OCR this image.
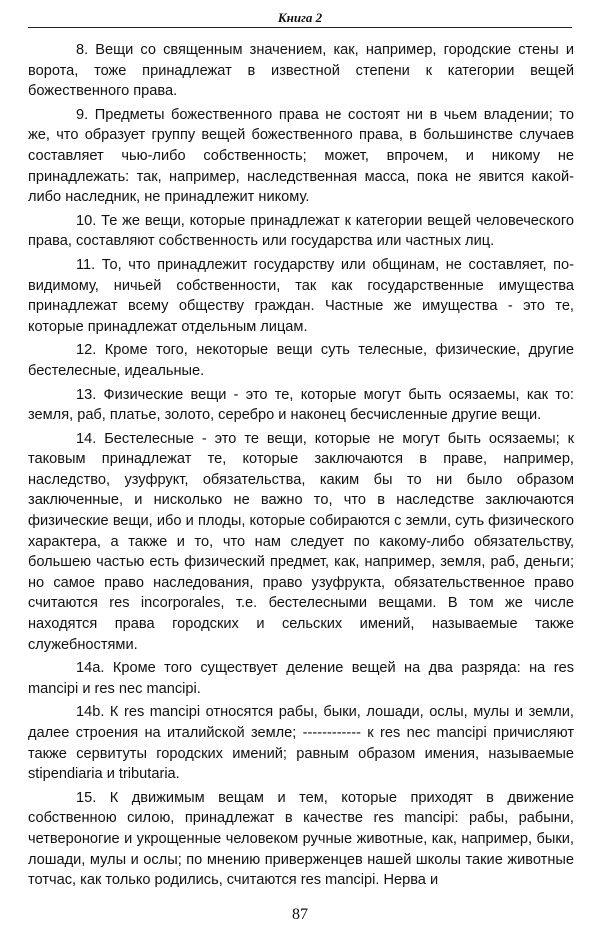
Книга 2

8. Вещи со священным значением, как, например, городские стены и ворота, тоже принадлежат в известной степени к категории вещей божественного права.

9. Предметы божественного права не состоят ни в чьем владении; то же, что образует группу вещей божественного права, в большинстве случаев составляет чью-либо собственность; может, впрочем, и никому не принадлежать: так, например, наследственная масса, пока не явится какой-либо наследник, не принадлежит никому.

10. Те же вещи, которые принадлежат к категории вещей человеческого права, составляют собственность или государства или частных лиц.

11. То, что принадлежит государству или общинам, не составляет, по-видимому, ничьей собственности, так как государственные имущества принадлежат всему обществу граждан. Частные же имущества - это те, которые принадлежат отдельным лицам.

12. Кроме того, некоторые вещи суть телесные, физические, другие бестелесные, идеальные.

13. Физические вещи - это те, которые могут быть осязаемы, как то: земля, раб, платье, золото, серебро и наконец бесчисленные другие вещи.

14. Бестелесные - это те вещи, которые не могут быть осязаемы; к таковым принадлежат те, которые заключаются в праве, например, наследство, узуфрукт, обязательства, каким бы то ни было образом заключенные, и нисколько не важно то, что в наследстве заключаются физические вещи, ибо и плоды, которые собираются с земли, суть физического характера, а также и то, что нам следует по какому-либо обязательству, большею частью есть физический предмет, как, например, земля, раб, деньги; но самое право наследования, право узуфрукта, обязательственное право считаются res incorporales, т.е. бестелесными вещами. В том же числе находятся права городских и сельских имений, называемые также служебностями.

14a. Кроме того существует деление вещей на два разряда: на res mancipi и res nec mancipi.

14b. К res mancipi относятся рабы, быки, лошади, ослы, мулы и земли, далее строения на италийской земле; ------------ к res nec mancipi причисляют также сервитуты городских имений; равным образом имения, называемые stipendiaria и tributaria.

15. К движимым вещам и тем, которые приходят в движение собственною силою, принадлежат в качестве res mancipi: рабы, рабыни, четвероногие и укрощенные человеком ручные животные, как, например, быки, лошади, мулы и ослы; по мнению приверженцев нашей школы такие животные тотчас, как только родились, считаются res mancipi. Нерва и

87
